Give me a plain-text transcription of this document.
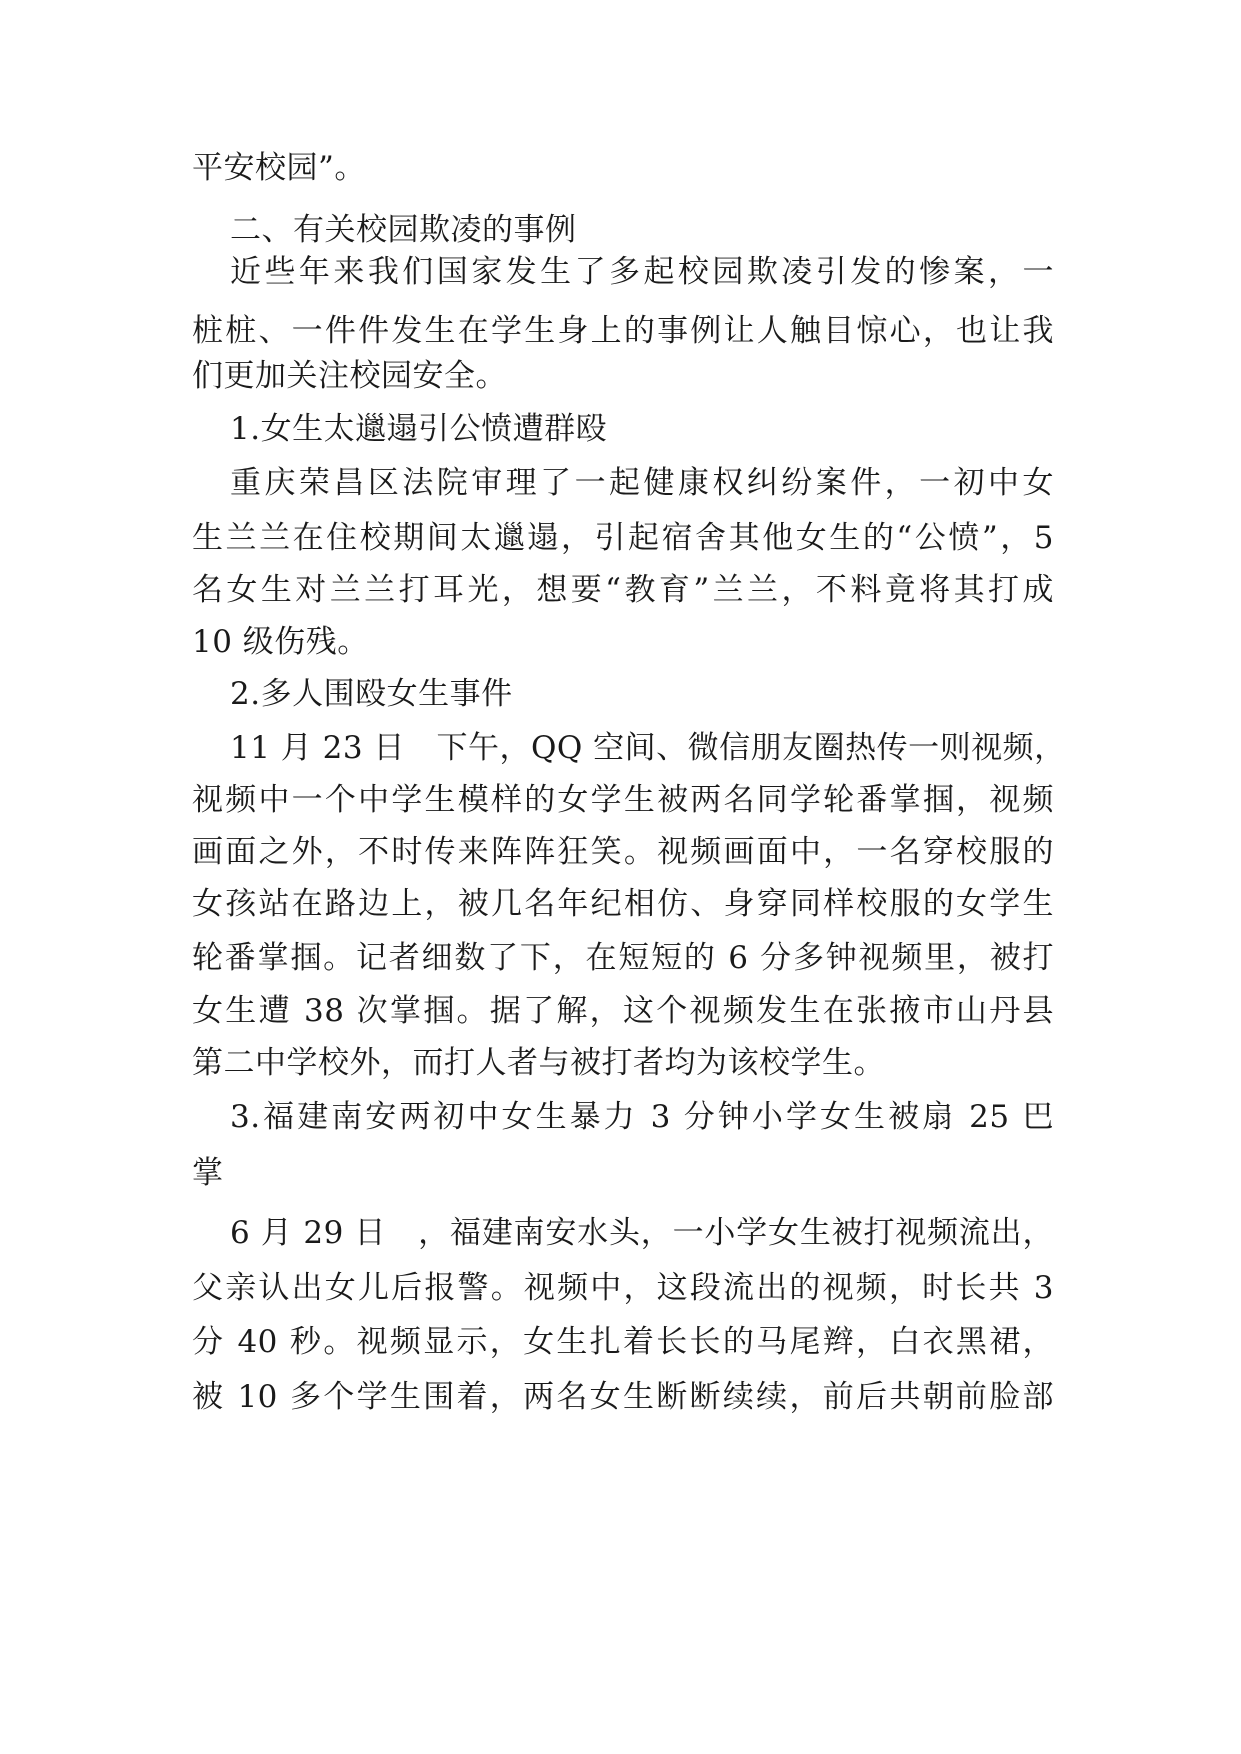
平安校园”。
二、有关校园欺凌的事例
近些年来我们国家发生了多起校园欺凌引发的惨案，一
桩桩、一件件发生在学生身上的事例让人触目惊心，也让我
们更加关注校园安全。
1.女生太邋遢引公愤遭群殴
重庆荣昌区法院审理了一起健康权纠纷案件，一初中女
生兰兰在住校期间太邋遢，引起宿舍其他女生的“公愤”，5
名女生对兰兰打耳光，想要“教育”兰兰，不料竟将其打成
10 级伤残。
2.多人围殴女生事件
11 月 23 日　下午，QQ 空间、微信朋友圈热传一则视频，
视频中一个中学生模样的女学生被两名同学轮番掌掴，视频
画面之外，不时传来阵阵狂笑。视频画面中，一名穿校服的
女孩站在路边上，被几名年纪相仿、身穿同样校服的女学生
轮番掌掴。记者细数了下，在短短的 6 分多钟视频里，被打
女生遭 38 次掌掴。据了解，这个视频发生在张掖市山丹县
第二中学校外，而打人者与被打者均为该校学生。
3.福建南安两初中女生暴力 3 分钟小学女生被扇 25 巴
掌
6 月 29 日　，福建南安水头，一小学女生被打视频流出，
父亲认出女儿后报警。视频中，这段流出的视频，时长共 3
分 40 秒。视频显示，女生扎着长长的马尾辫，白衣黑裙，
被 10 多个学生围着，两名女生断断续续，前后共朝前脸部
